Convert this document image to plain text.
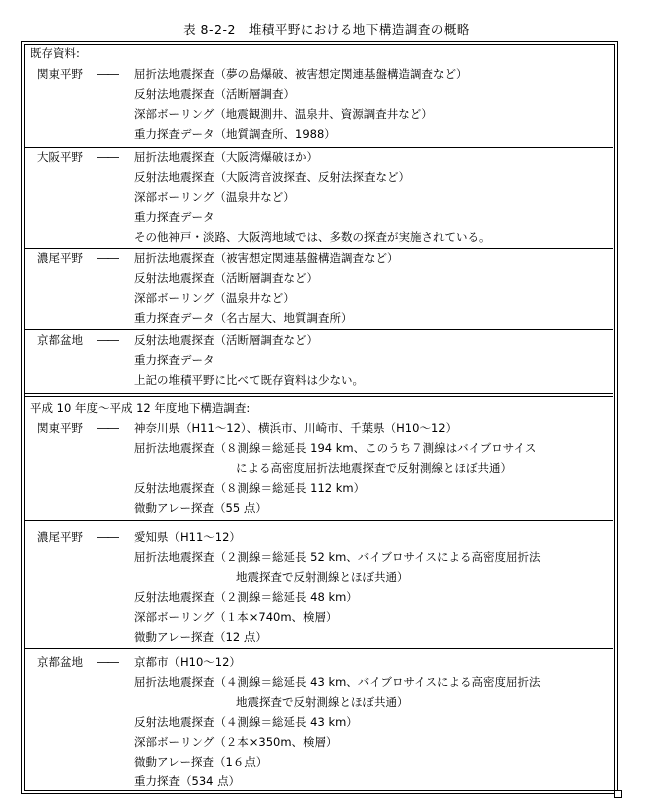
表 8-2-2　堆積平野における地下構造調査の概略
既存資料:
関東平野 ―― 屈折法地震探査（夢の島爆破、被害想定関連基盤構造調査など）
反射法地震探査（活断層調査）
深部ボーリング（地震観測井、温泉井、資源調査井など）
重力探査データ（地質調査所、1988）
大阪平野 ―― 屈折法地震探査（大阪湾爆破ほか）
反射法地震探査（大阪湾音波探査、反射法探査など）
深部ボーリング（温泉井など）
重力探査データ
その他神戸・淡路、大阪湾地域では、多数の探査が実施されている。
濃尾平野 ―― 屈折法地震探査（被害想定関連基盤構造調査など）
反射法地震探査（活断層調査など）
深部ボーリング（温泉井など）
重力探査データ（名古屋大、地質調査所）
京都盆地 ―― 反射法地震探査（活断層調査など）
重力探査データ
上記の堆積平野に比べて既存資料は少ない。
平成 10 年度～平成 12 年度地下構造調査:
関東平野 ―― 神奈川県（H11～12）、横浜市、川崎市、千葉県（H10～12）
屈折法地震探査（８測線＝総延長 194 km、このうち７測線はバイブロサイス
による高密度屈折法地震探査で反射測線とほぼ共通）
反射法地震探査（８測線＝総延長 112 km）
微動アレー探査（55 点）
濃尾平野 ―― 愛知県（H11～12）
屈折法地震探査（２測線＝総延長 52 km、バイブロサイスによる高密度屈折法
地震探査で反射測線とほぼ共通）
反射法地震探査（２測線＝総延長 48 km）
深部ボーリング（１本×740m、検層）
微動アレー探査（12 点）
京都盆地 ―― 京都市（H10～12）
屈折法地震探査（４測線＝総延長 43 km、バイブロサイスによる高密度屈折法
地震探査で反射測線とほぼ共通）
反射法地震探査（４測線＝総延長 43 km）
深部ボーリング（２本×350m、検層）
微動アレー探査（1６点）
重力探査（534 点）
